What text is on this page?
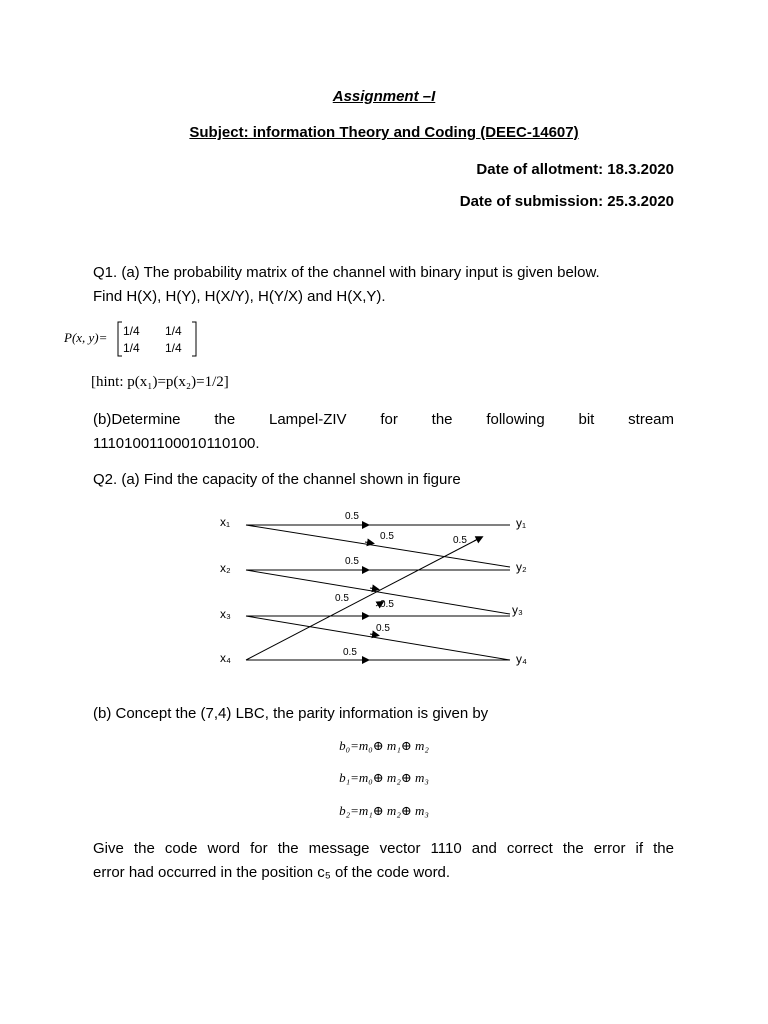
Assignment –I
Subject: information Theory and Coding (DEEC-14607)
Date of allotment: 18.3.2020
Date of submission: 25.3.2020
Q1. (a) The probability matrix of the channel with binary input is given below.
Find H(X), H(Y), H(X/Y), H(Y/X) and H(X,Y).
P(x, y)= 1/4 1/4
1/4 1/4
[hint: p(x₁)=p(x₂)=1/2]
(b)Determine the Lampel-ZIV for the following bit stream
1110100110001011010​0.
Q2. (a) Find the capacity of the channel shown in figure
x₁
x₂
x₃
x₄
y₁
y₂
y₃
y₄
0.5
0.5	0.5
0.5
0.5
0.5
0.5
0.5
(b) Concept the (7,4) LBC, the parity information is given by
b₀=m₀⊕ m₁⊕ m₂
b₁=m₀⊕ m₂⊕ m₃
b₂=m₁⊕ m₂⊕ m₃
Give the code word for the message vector 1110 and correct the error if the
error had occurred in the position c₅ of the code word.
